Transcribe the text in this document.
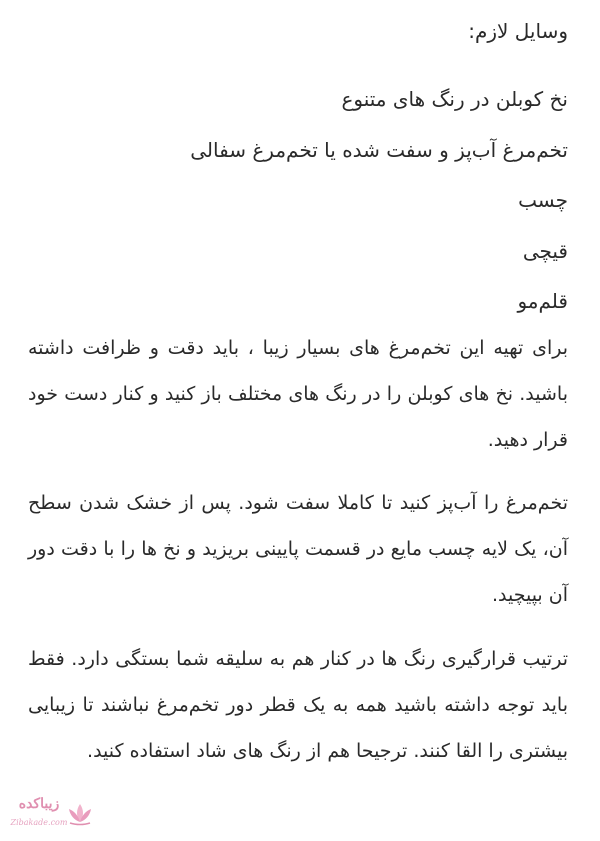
وسایل لازم:
نخ کوبلن در رنگ های متنوع
تخم‌مرغ آب‌پز و سفت شده یا تخم‌مرغ سفالی
چسب
قیچی
قلم‌مو

برای تهیه این تخم‌مرغ های بسیار زیبا ، باید دقت و ظرافت داشته باشید. نخ های کوبلن را در رنگ های مختلف باز کنید و کنار دست خود قرار دهید.

تخم‌مرغ را آب‌پز کنید تا کاملا سفت شود. پس از خشک شدن سطح آن، یک لایه چسب مایع در قسمت پایینی بریزید و نخ ها را با دقت دور آن بپیچید.

ترتیب قرارگیری رنگ ها در کنار هم به سلیقه شما بستگی دارد. فقط باید توجه داشته باشید همه به یک قطر دور تخم‌مرغ نباشند تا زیبایی بیشتری را القا کنند. ترجیحا هم از رنگ های شاد استفاده کنید.

زیباکده
Zibakade.com
